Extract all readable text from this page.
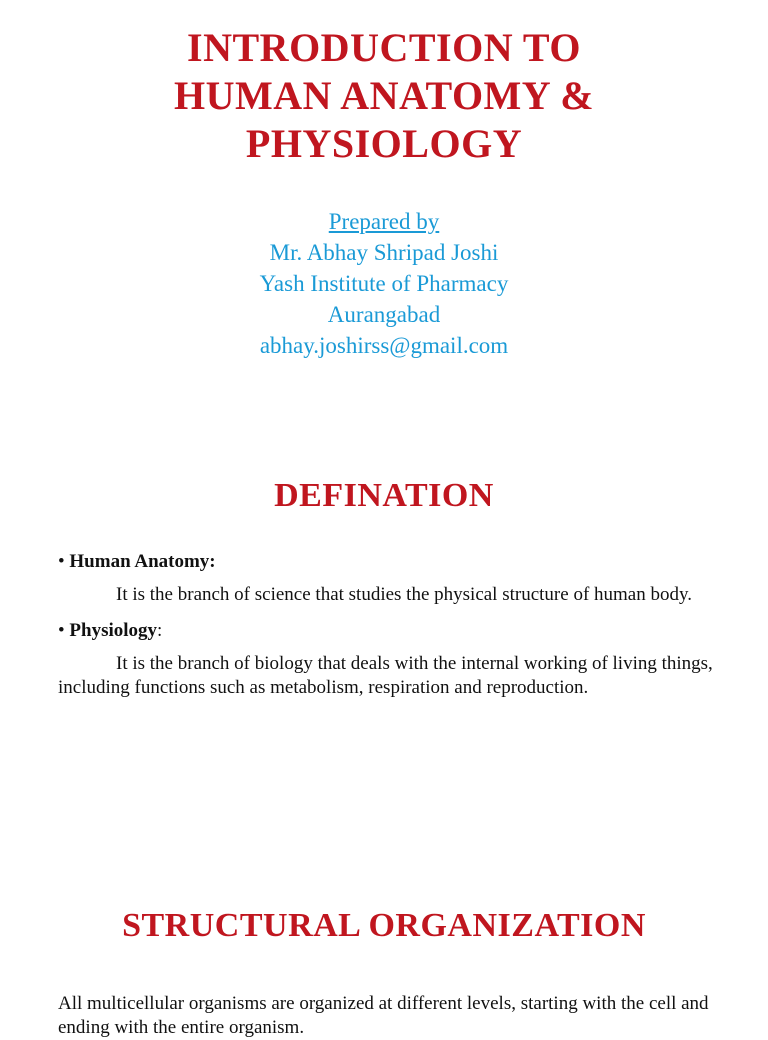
INTRODUCTION TO
HUMAN ANATOMY &
PHYSIOLOGY
Prepared by
Mr. Abhay Shripad Joshi
Yash Institute of Pharmacy
Aurangabad
abhay.joshirss@gmail.com
DEFINATION

• Human Anatomy:

It is the branch of science that studies the physical structure of human body.

• Physiology:

It is the branch of biology that deals with the internal working of living things, including functions such as metabolism, respiration and reproduction.

STRUCTURAL ORGANIZATION

All multicellular organisms are organized at different levels, starting with the cell and ending with the entire organism.
